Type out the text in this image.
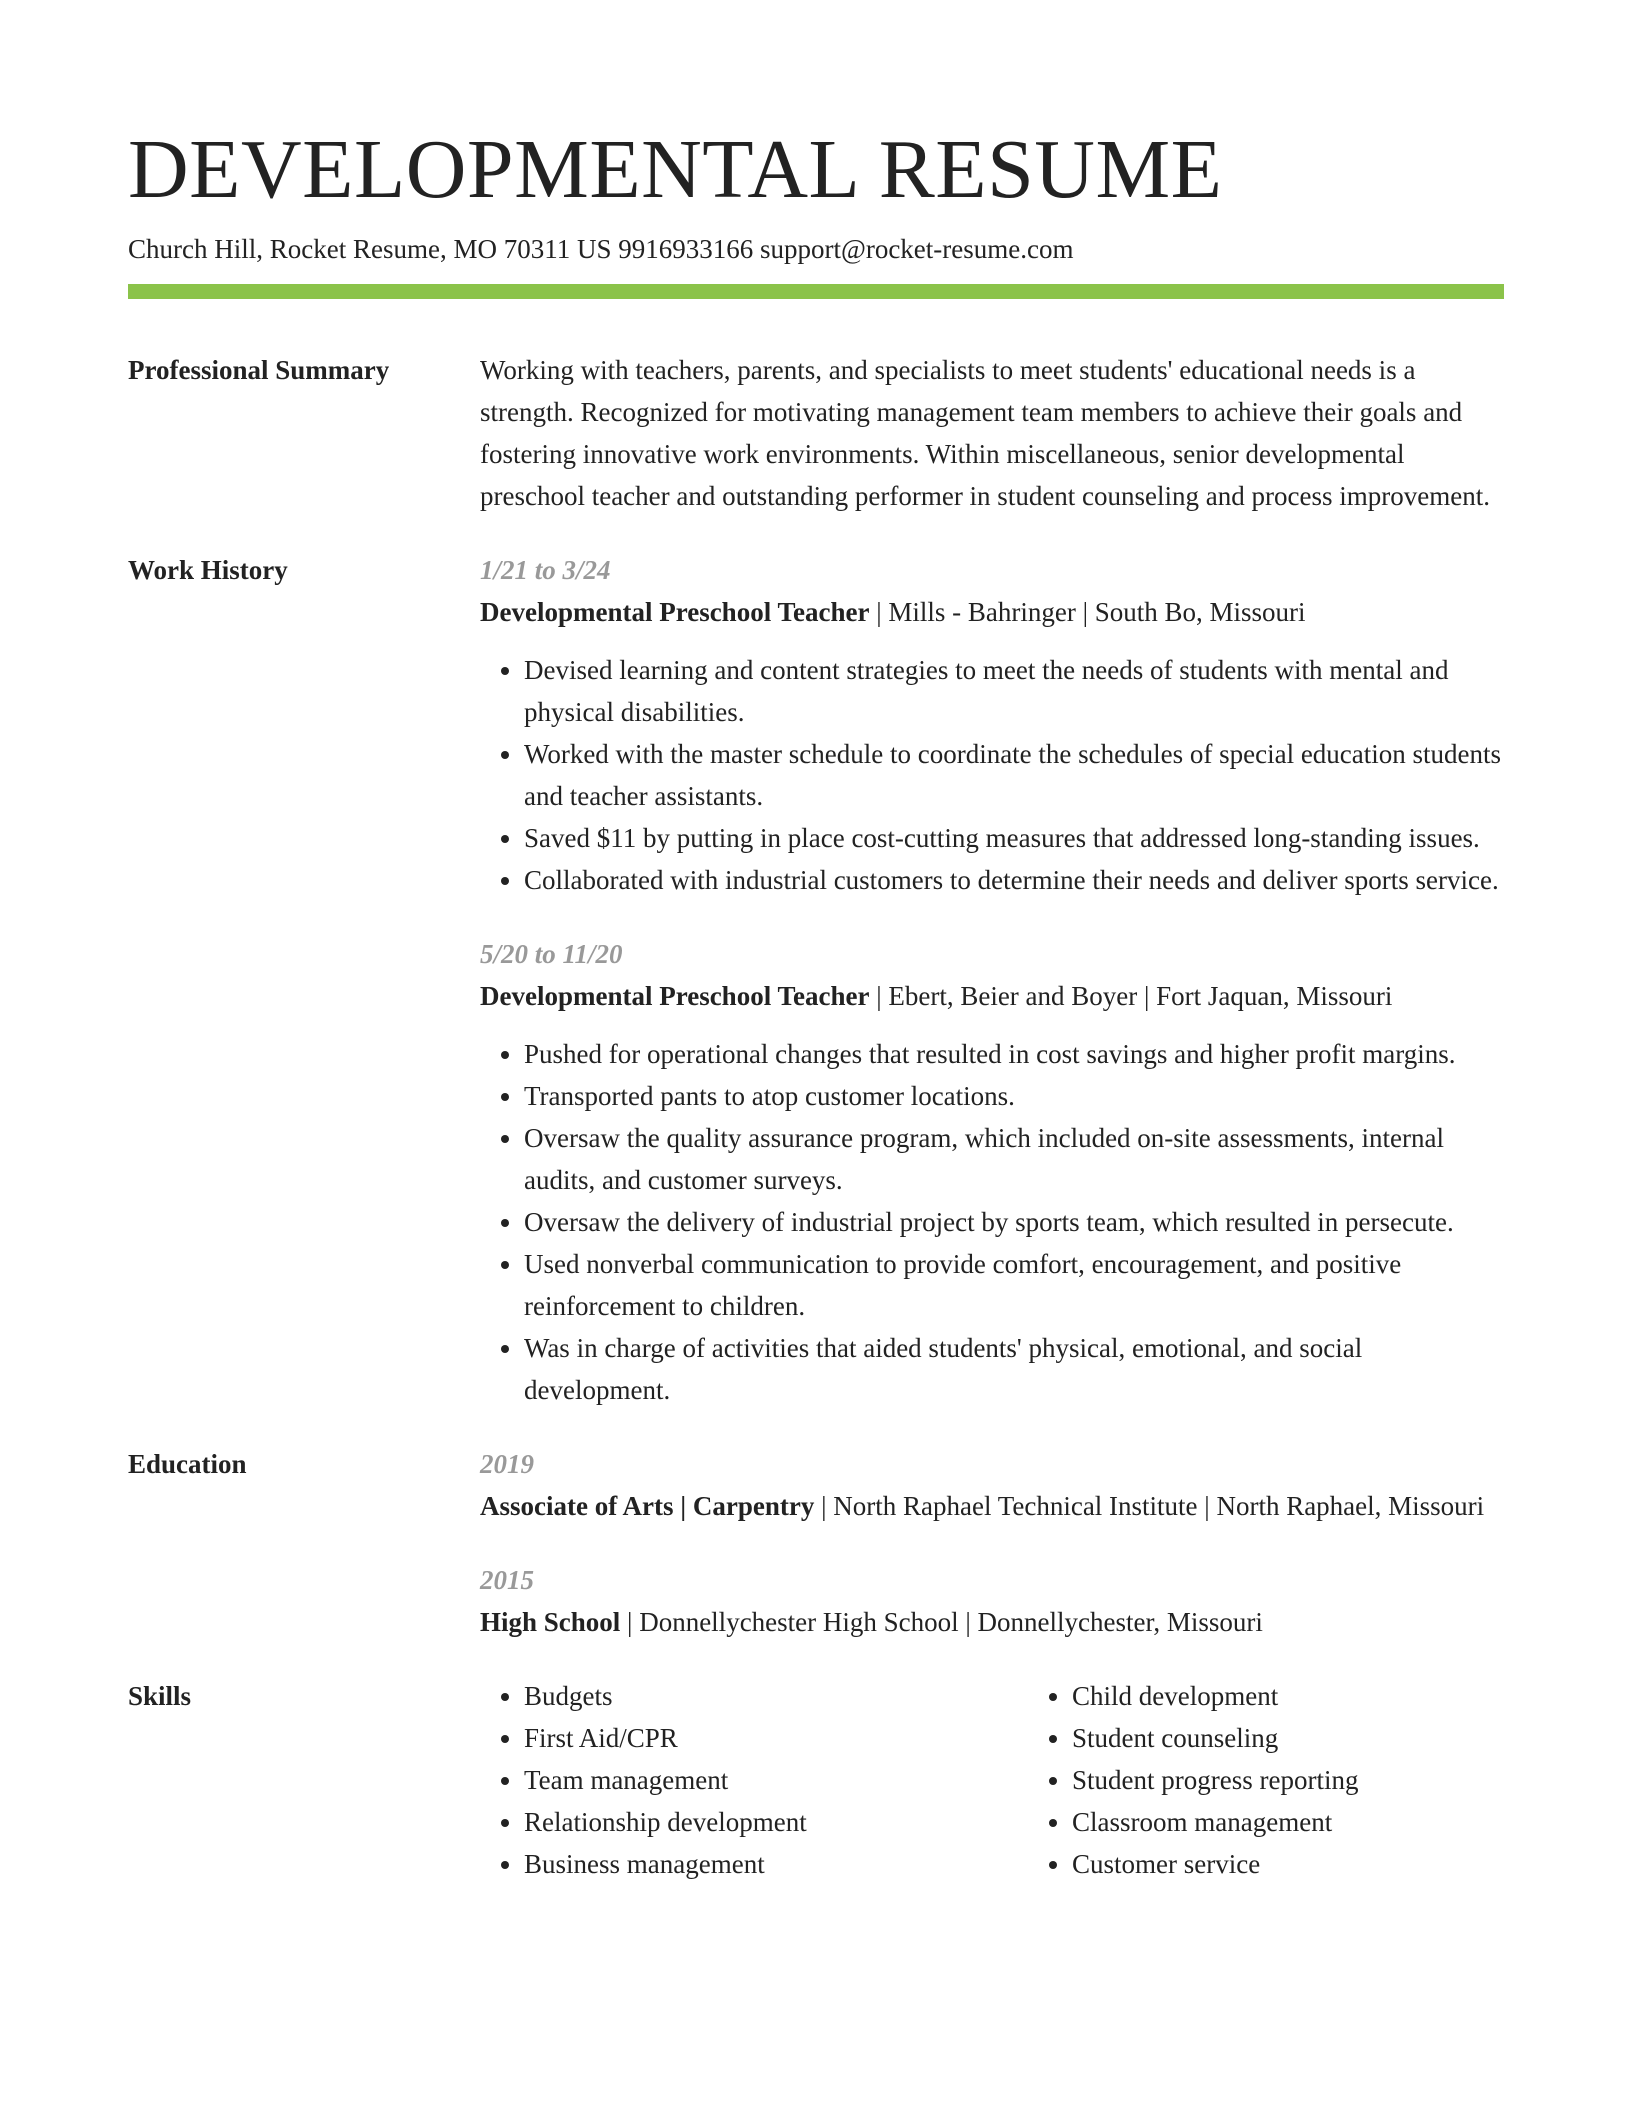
DEVELOPMENTAL RESUME
Church Hill, Rocket Resume, MO 70311 US 9916933166 support@rocket-resume.com
Professional Summary	Working with teachers, parents, and specialists to meet students' educational needs is a strength. Recognized for motivating management team members to achieve their goals and fostering innovative work environments. Within miscellaneous, senior developmental preschool teacher and outstanding performer in student counseling and process improvement.

Work History	1/21 to 3/24

Developmental Preschool Teacher | Mills - Bahringer | South Bo, Missouri

• Devised learning and content strategies to meet the needs of students with mental and physical disabilities.
• Worked with the master schedule to coordinate the schedules of special education students and teacher assistants.
• Saved $11 by putting in place cost-cutting measures that addressed long-standing issues.
• Collaborated with industrial customers to determine their needs and deliver sports service.

5/20 to 11/20

Developmental Preschool Teacher | Ebert, Beier and Boyer | Fort Jaquan, Missouri

• Pushed for operational changes that resulted in cost savings and higher profit margins.
• Transported pants to atop customer locations.
• Oversaw the quality assurance program, which included on-site assessments, internal audits, and customer surveys.
• Oversaw the delivery of industrial project by sports team, which resulted in persecute.
• Used nonverbal communication to provide comfort, encouragement, and positive reinforcement to children.
• Was in charge of activities that aided students' physical, emotional, and social development.
Education	2019

Associate of Arts | Carpentry | North Raphael Technical Institute | North Raphael, Missouri

2015

High School | Donnellychester High School | Donnellychester, Missouri

Skills
•	Budgets
• First Aid/CPR
• Team management
• Relationship development
• Business management
• Child development
• Student counseling
• Student progress reporting
• Classroom management
• Customer service
